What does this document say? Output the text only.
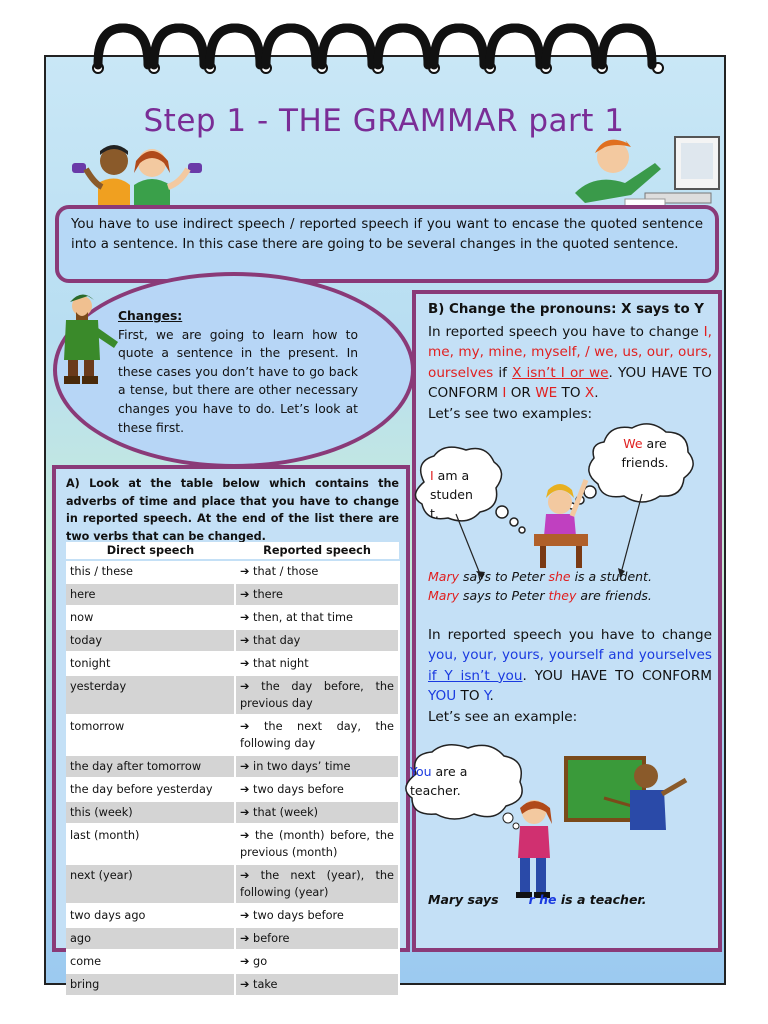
Step 1 - THE GRAMMAR part 1
You have to use indirect speech / reported speech if you want to encase the quoted sentence into a sentence. In this case there are going to be several changes in the quoted sentence.
Changes:
First, we are going to learn how to quote a sentence in the present. In these cases you don’t have to go back a tense, but there are other necessary changes you have to do. Let’s look at these first.
A) Look at the table below which contains the adverbs of time and place that you have to change in reported speech. At the end of the list there are two verbs that can be changed.
Direct speech	Reported speech
this / these	➔ that / those
here	➔ there
now	➔ then, at that time
today	➔ that day
tonight	➔ that night
yesterday	➔ the day before, the previous day
tomorrow	➔ the next day, the following day
the day after tomorrow	➔ in two days’ time
the day before yesterday	➔ two days before
this (week)	➔ that (week)
last (month)	➔ the (month) before, the previous (month)
next (year)	➔ the next (year), the following (year)
two days ago	➔ two days before
ago	➔ before
come	➔ go
bring	➔ take
B) Change the pronouns: X says to Y
In reported speech you have to change I, me, my, mine, myself, / we, us, our, ours, ourselves if X isn’t I or we. YOU HAVE TO CONFORM I OR WE TO X.
Let’s see two examples:
I am a studen t.
We are friends.
Mary says to Peter she is a student.
Mary says to Peter they are friends.
In reported speech you have to change you, your, yours, yourself and yourselves if Y isn’t you. YOU HAVE TO CONFORM YOU TO Y.
Let’s see an example:
You are a teacher.
Mary says r he is a teacher.
